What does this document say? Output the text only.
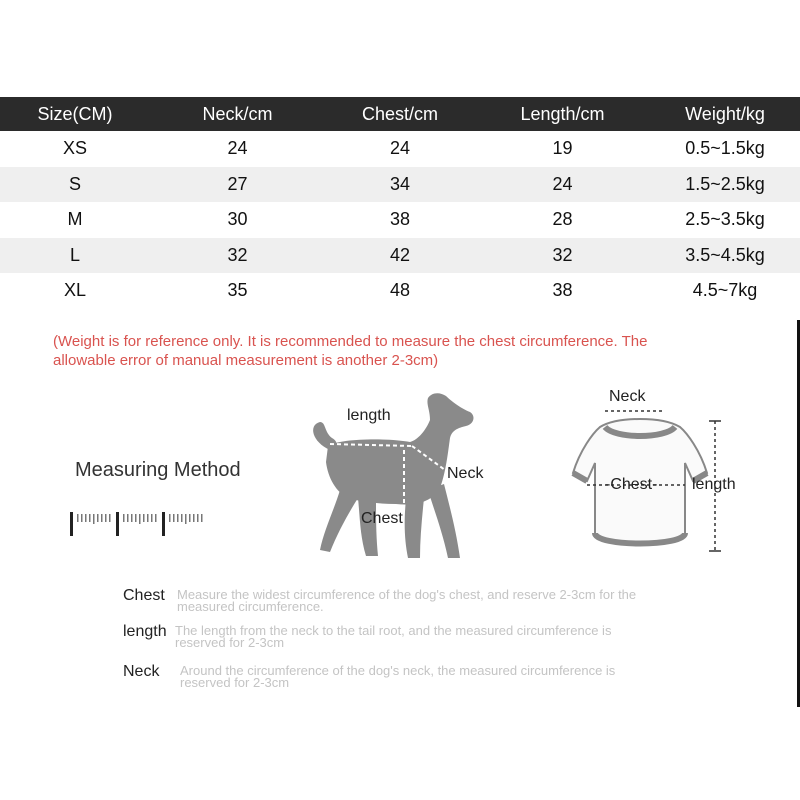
Size(CM)	Neck/cm	Chest/cm	Length/cm	Weight/kg
XS	24	24	19	0.5~1.5kg
S	27	34	24	1.5~2.5kg
M	30	38	28	2.5~3.5kg
L	32	42	32	3.5~4.5kg
XL	35	48	38	4.5~7kg

(Weight is for reference only. It is recommended to measure the chest circumference. The allowable error of manual measurement is another 2-3cm)

Measuring Method
length
Neck
Chest
Neck
-Chest- length
Chest Measure the widest circumference of the dog's chest, and reserve 2-3cm for the measured circumference.
length The length from the neck to the tail root, and the measured circumference is reserved for 2-3cm
Neck Around the circumference of the dog's neck, the measured circumference is reserved for 2-3cm
